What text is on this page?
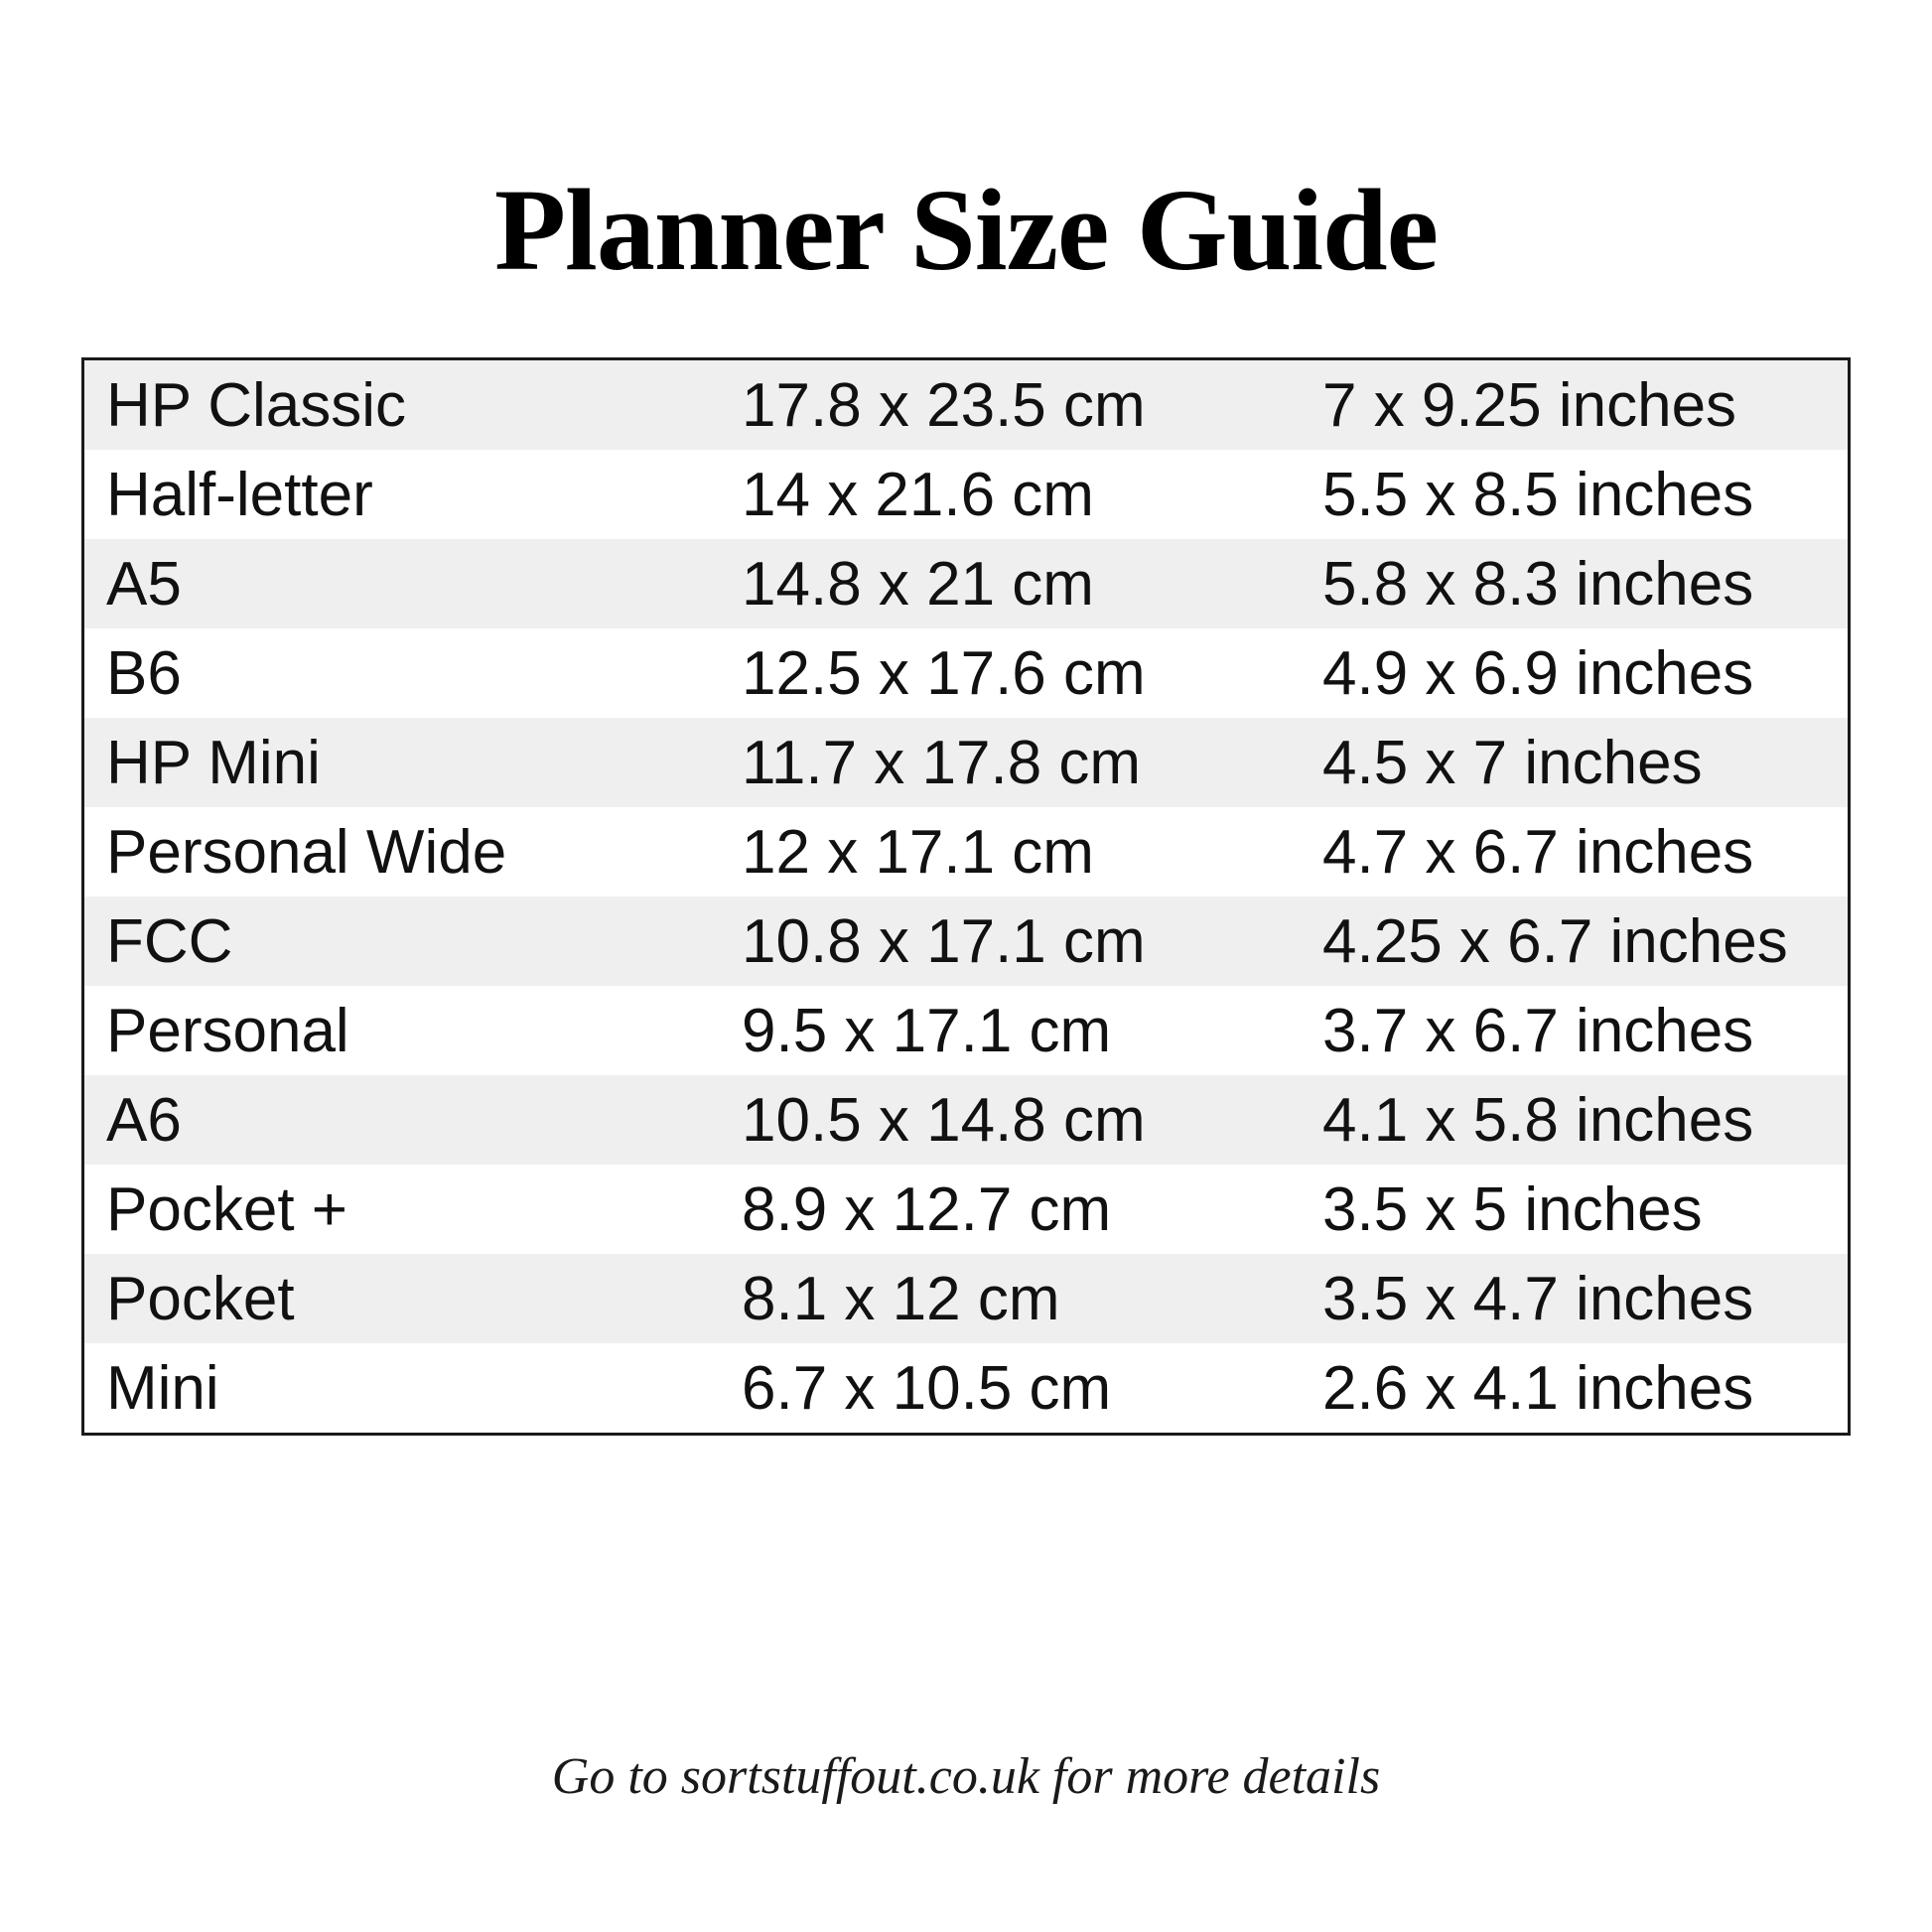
Planner Size Guide
HP Classic	17.8 x 23.5 cm	7 x 9.25 inches
Half-letter	14 x 21.6 cm	5.5 x 8.5 inches
A5	14.8 x 21 cm	5.8 x 8.3 inches
B6	12.5 x 17.6 cm	4.9 x 6.9 inches
HP Mini	11.7 x 17.8 cm	4.5 x 7 inches
Personal Wide	12 x 17.1 cm	4.7 x 6.7 inches
FCC	10.8 x 17.1 cm	4.25 x 6.7 inches
Personal	9.5 x 17.1 cm	3.7 x 6.7 inches
A6	10.5 x 14.8 cm	4.1 x 5.8 inches
Pocket +	8.9 x 12.7 cm	3.5 x 5 inches
Pocket	8.1 x 12 cm	3.5 x 4.7 inches
Mini	6.7 x 10.5 cm	2.6 x 4.1 inches
Go to sortstuffout.co.uk for more details
